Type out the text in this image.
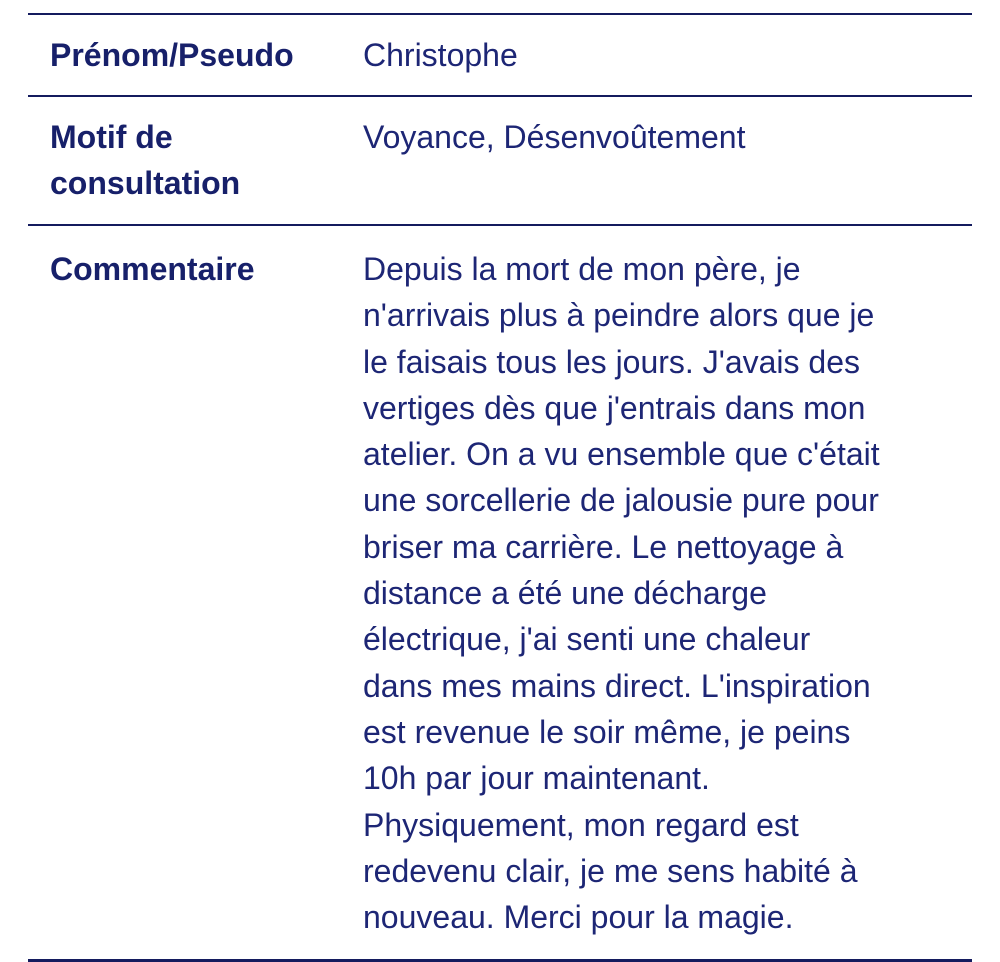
Prénom/Pseudo	Christophe
Motif de
consultation
Voyance, Désenvoûtement
Commentaire	Depuis la mort de mon père, je
n'arrivais plus à peindre alors que je
le faisais tous les jours. J'avais des
vertiges dès que j'entrais dans mon
atelier. On a vu ensemble que c'était
une sorcellerie de jalousie pure pour
briser ma carrière. Le nettoyage à
distance a été une décharge
électrique, j'ai senti une chaleur
dans mes mains direct. L'inspiration
est revenue le soir même, je peins
10h par jour maintenant.
Physiquement, mon regard est
redevenu clair, je me sens habité à
nouveau. Merci pour la magie.
